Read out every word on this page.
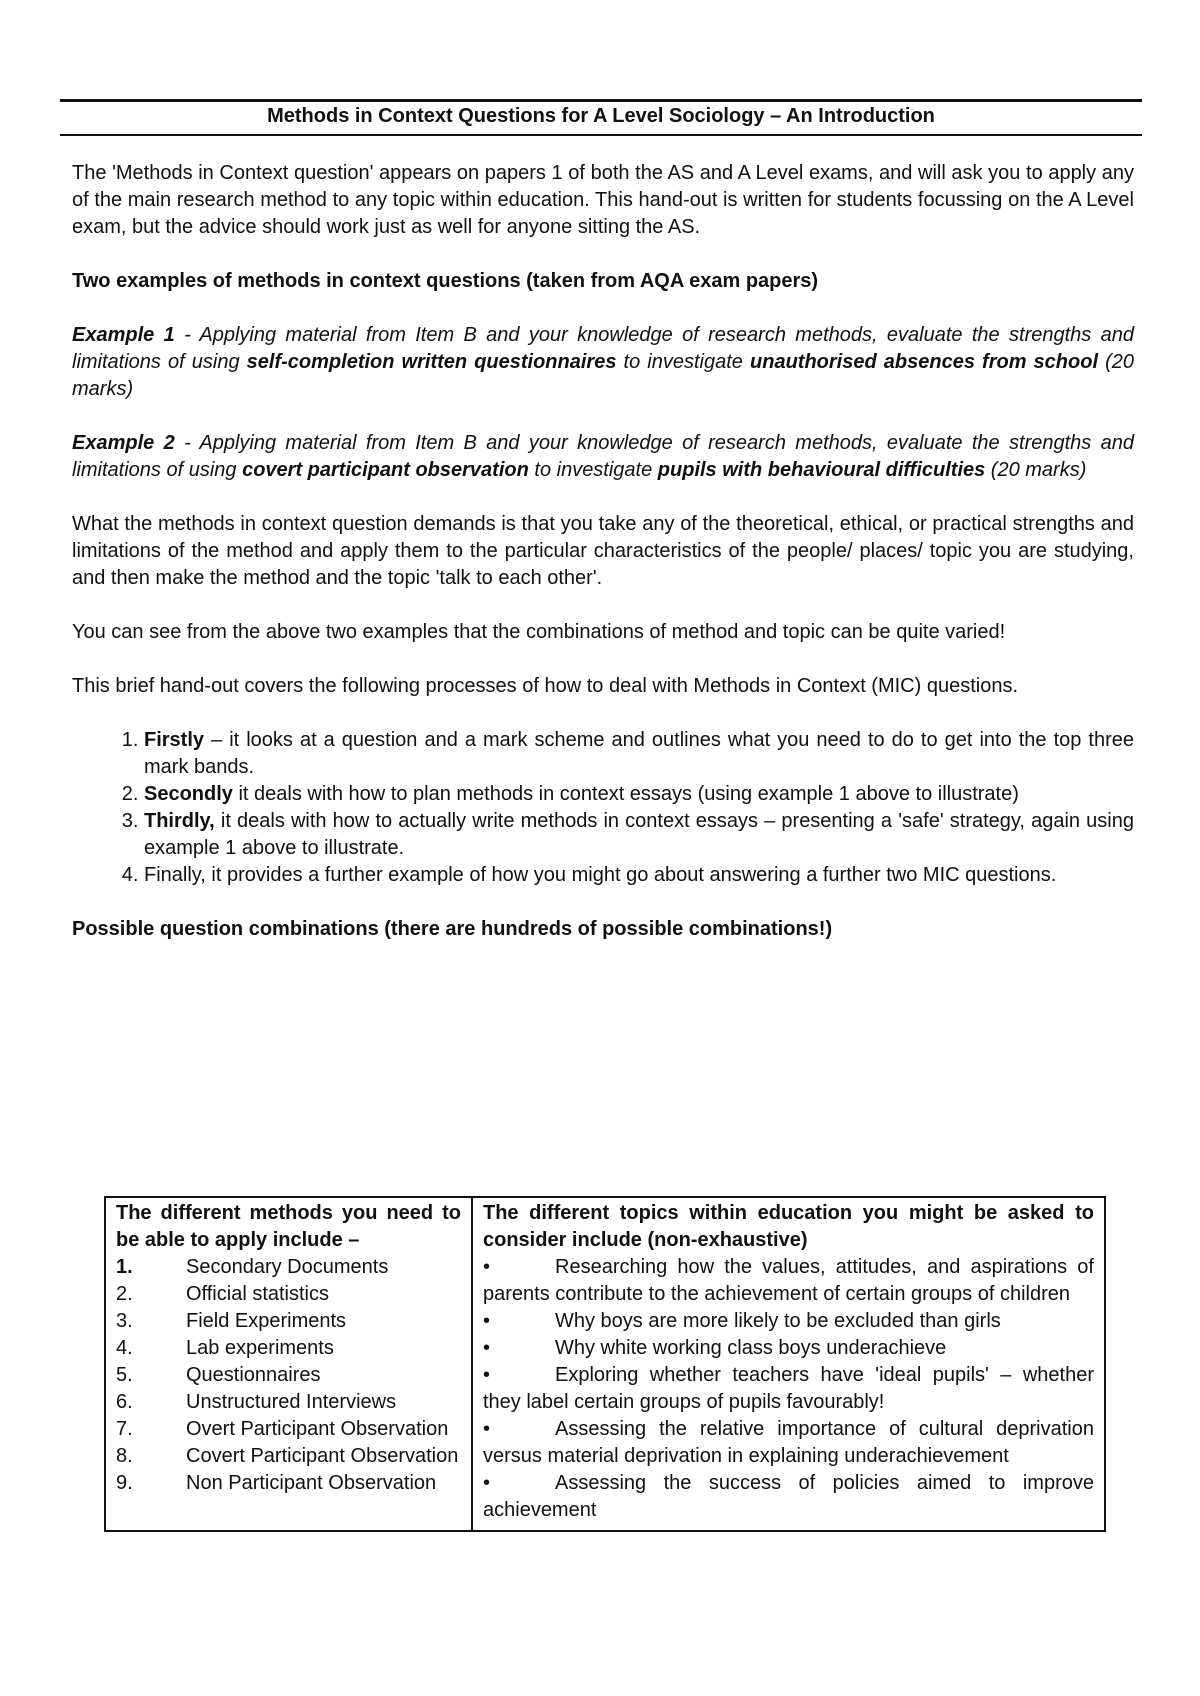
Methods in Context Questions for A Level Sociology – An Introduction

The 'Methods in Context question' appears on papers 1 of both the AS and A Level exams, and will ask you to apply any of the main research method to any topic within education. This hand-out is written for students focussing on the A Level exam, but the advice should work just as well for anyone sitting the AS.

Two examples of methods in context questions (taken from AQA exam papers)

Example 1 - Applying material from Item B and your knowledge of research methods, evaluate the strengths and limitations of using self-completion written questionnaires to investigate unauthorised absences from school (20 marks)

Example 2 - Applying material from Item B and your knowledge of research methods, evaluate the strengths and limitations of using covert participant observation to investigate pupils with behavioural difficulties (20 marks)

What the methods in context question demands is that you take any of the theoretical, ethical, or practical strengths and limitations of the method and apply them to the particular characteristics of the people/ places/ topic you are studying, and then make the method and the topic 'talk to each other'.

You can see from the above two examples that the combinations of method and topic can be quite varied!

This brief hand-out covers the following processes of how to deal with Methods in Context (MIC) questions.

1. Firstly – it looks at a question and a mark scheme and outlines what you need to do to get into the top three mark bands.
2. Secondly it deals with how to plan methods in context essays (using example 1 above to illustrate)
3. Thirdly, it deals with how to actually write methods in context essays – presenting a 'safe' strategy, again using example 1 above to illustrate.
4. Finally, it provides a further example of how you might go about answering a further two MIC questions.

Possible question combinations (there are hundreds of possible combinations!)

The different methods you need to be able to apply include –
1.	Secondary Documents
2.	Official statistics
3.	Field Experiments
4.	Lab experiments
5.	Questionnaires
6.	Unstructured Interviews
7.	Overt Participant Observation
8.	Covert Participant Observation
9.	Non Participant Observation

The different topics within education you might be asked to consider include (non-exhaustive)
•	Researching how the values, attitudes, and aspirations of parents contribute to the achievement of certain groups of children
•	Why boys are more likely to be excluded than girls
•	Why white working class boys underachieve
•	Exploring whether teachers have 'ideal pupils' – whether they label certain groups of pupils favourably!
•	Assessing the relative importance of cultural deprivation versus material deprivation in explaining underachievement
•	Assessing the success of policies aimed to improve achievement
